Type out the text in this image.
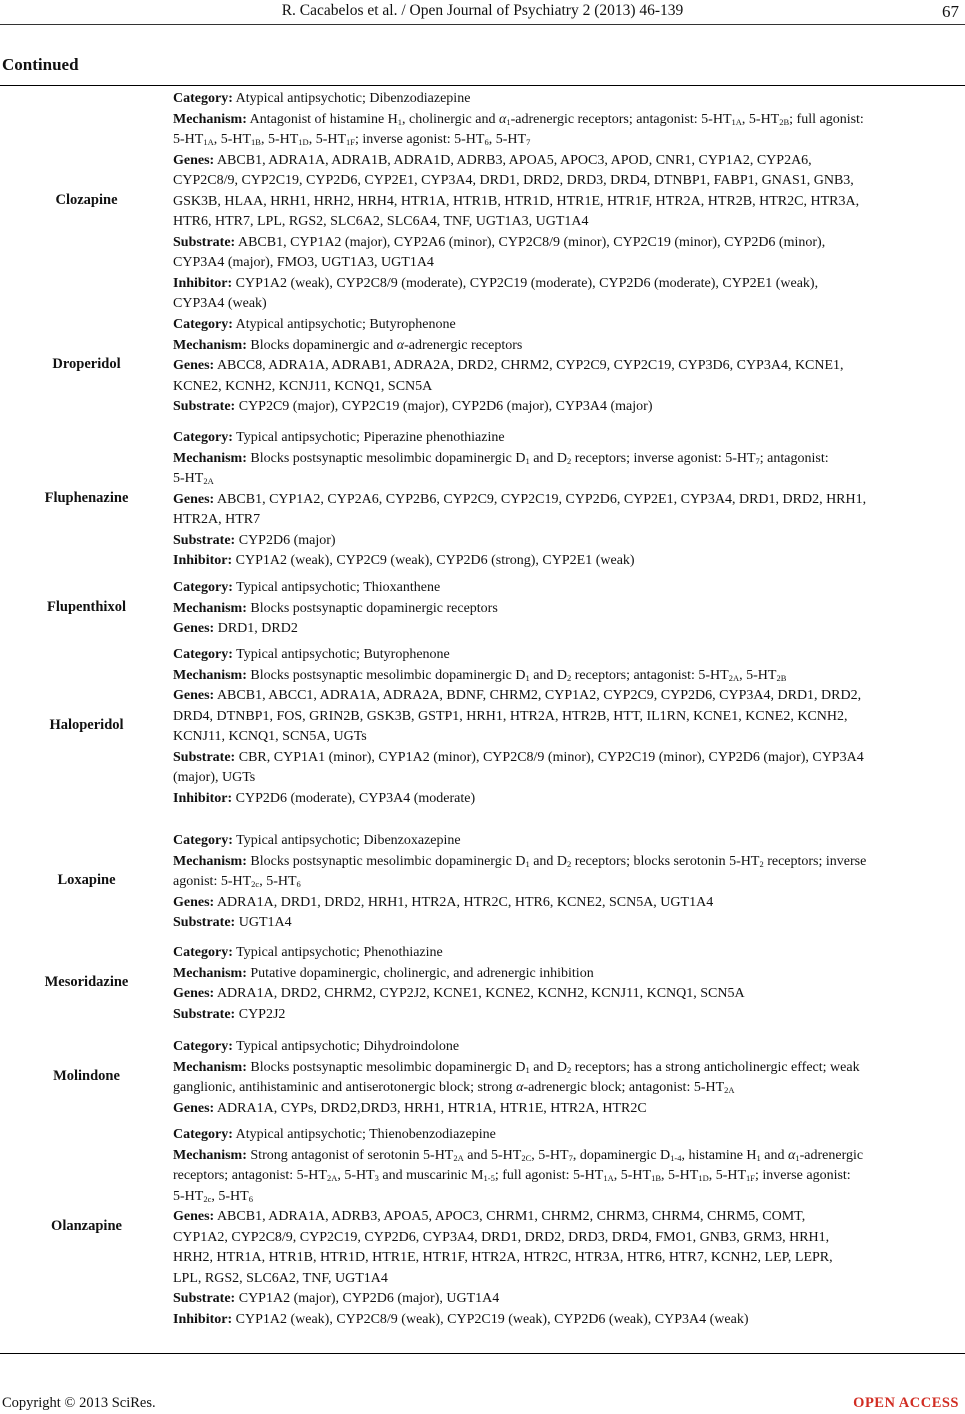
R. Cacabelos et al. / Open Journal of Psychiatry 2 (2013) 46-139	67
Continued
Clozapine
Category: Atypical antipsychotic; Dibenzodiazepine
Mechanism: Antagonist of histamine $H_1$, cholinergic and $\alpha_1$-adrenergic receptors; antagonist: $5-HT_{1A}$, $5-HT_{2B}$; full agonist:
$5-HT_{1A}$, $5-HT_{1B}$, $5-HT_{1D}$, $5-HT_{1F}$; inverse agonist: $5-HT_6$, $5-HT_7$
Genes: ABCB1, ADRA1A, ADRA1B, ADRA1D, ADRB3, APOA5, APOC3, APOD, CNR1, CYP1A2, CYP2A6,
CYP2C8/9, CYP2C19, CYP2D6, CYP2E1, CYP3A4, DRD1, DRD2, DRD3, DRD4, DTNBP1, FABP1, GNAS1, GNB3,
GSK3B, HLAA, HRH1, HRH2, HRH4, HTR1A, HTR1B, HTR1D, HTR1E, HTR1F, HTR2A, HTR2B, HTR2C, HTR3A,
HTR6, HTR7, LPL, RGS2, SLC6A2, SLC6A4, TNF, UGT1A3, UGT1A4
Substrate: ABCB1, CYP1A2 (major), CYP2A6 (minor), CYP2C8/9 (minor), CYP2C19 (minor), CYP2D6 (minor),
CYP3A4 (major), FMO3, UGT1A3, UGT1A4
Inhibitor: CYP1A2 (weak), CYP2C8/9 (moderate), CYP2C19 (moderate), CYP2D6 (moderate), CYP2E1 (weak),
CYP3A4 (weak)
Droperidol
Category: Atypical antipsychotic; Butyrophenone
Mechanism: Blocks dopaminergic and α-adrenergic receptors
Genes: ABCC8, ADRA1A, ADRAB1, ADRA2A, DRD2, CHRM2, CYP2C9, CYP2C19, CYP3D6, CYP3A4, KCNE1,
KCNE2, KCNH2, KCNJ11, KCNQ1, SCN5A
Substrate: CYP2C9 (major), CYP2C19 (major), CYP2D6 (major), CYP3A4 (major)
Fluphenazine
Category: Typical antipsychotic; Piperazine phenothiazine
Mechanism: Blocks postsynaptic mesolimbic dopaminergic $D_1$ and $D_2$ receptors; inverse agonist: $5-HT_7$; antagonist:
$5-HT_{2A}$
Genes: ABCB1, CYP1A2, CYP2A6, CYP2B6, CYP2C9, CYP2C19, CYP2D6, CYP2E1, CYP3A4, DRD1, DRD2, HRH1,
HTR2A, HTR7
Substrate: CYP2D6 (major)
Inhibitor: CYP1A2 (weak), CYP2C9 (weak), CYP2D6 (strong), CYP2E1 (weak)
Flupenthixol
Category: Typical antipsychotic; Thioxanthene
Mechanism: Blocks postsynaptic dopaminergic receptors
Genes: DRD1, DRD2
Haloperidol
Category: Typical antipsychotic; Butyrophenone
Mechanism: Blocks postsynaptic mesolimbic dopaminergic $D_1$ and $D_2$ receptors; antagonist: $5-HT_{2A}$, $5-HT_{2B}$
Genes: ABCB1, ABCC1, ADRA1A, ADRA2A, BDNF, CHRM2, CYP1A2, CYP2C9, CYP2D6, CYP3A4, DRD1, DRD2,
DRD4, DTNBP1, FOS, GRIN2B, GSK3B, GSTP1, HRH1, HTR2A, HTR2B, HTT, IL1RN, KCNE1, KCNE2, KCNH2,
KCNJ11, KCNQ1, SCN5A, UGTs
Substrate: CBR, CYP1A1 (minor), CYP1A2 (minor), CYP2C8/9 (minor), CYP2C19 (minor), CYP2D6 (major), CYP3A4
(major), UGTs
Inhibitor: CYP2D6 (moderate), CYP3A4 (moderate)
Loxapine
Category: Typical antipsychotic; Dibenzoxazepine
Mechanism: Blocks postsynaptic mesolimbic dopaminergic $D_1$ and $D_2$ receptors; blocks serotonin $5-HT_2$ receptors; inverse
agonist: $5-HT_{2c}$, $5-HT_6$
Genes: ADRA1A, DRD1, DRD2, HRH1, HTR2A, HTR2C, HTR6, KCNE2, SCN5A, UGT1A4
Substrate: UGT1A4
Mesoridazine
Category: Typical antipsychotic; Phenothiazine
Mechanism: Putative dopaminergic, cholinergic, and adrenergic inhibition
Genes: ADRA1A, DRD2, CHRM2, CYP2J2, KCNE1, KCNE2, KCNH2, KCNJ11, KCNQ1, SCN5A
Substrate: CYP2J2
Molindone
Category: Typical antipsychotic; Dihydroindolone
Mechanism: Blocks postsynaptic mesolimbic dopaminergic $D_1$ and $D_2$ receptors; has a strong anticholinergic effect; weak
ganglionic, antihistaminic and antiserotonergic block; strong α-adrenergic block; antagonist: $5-HT_{2A}$
Genes: ADRA1A, CYPs, DRD2,DRD3, HRH1, HTR1A, HTR1E, HTR2A, HTR2C
Olanzapine
Category: Atypical antipsychotic; Thienobenzodiazepine
Mechanism: Strong antagonist of serotonin $5-HT_{2A}$ and $5-HT_{2C}$, $5-HT_7$, dopaminergic $D_{1-4}$, histamine $H_1$ and $\alpha_1$-adrenergic
receptors; antagonist: $5-HT_{2A}$, $5-HT_3$ and muscarinic $M_{1-5}$; full agonist: $5-HT_{1A}$, $5-HT_{1B}$, $5-HT_{1D}$, $5-HT_{1F}$; inverse agonist:
$5-HT_{2c}$, $5-HT_6$
Genes: ABCB1, ADRA1A, ADRB3, APOA5, APOC3, CHRM1, CHRM2, CHRM3, CHRM4, CHRM5, COMT,
CYP1A2, CYP2C8/9, CYP2C19, CYP2D6, CYP3A4, DRD1, DRD2, DRD3, DRD4, FMO1, GNB3, GRM3, HRH1,
HRH2, HTR1A, HTR1B, HTR1D, HTR1E, HTR1F, HTR2A, HTR2C, HTR3A, HTR6, HTR7, KCNH2, LEP, LEPR,
LPL, RGS2, SLC6A2, TNF, UGT1A4
Substrate: CYP1A2 (major), CYP2D6 (major), UGT1A4
Inhibitor: CYP1A2 (weak), CYP2C8/9 (weak), CYP2C19 (weak), CYP2D6 (weak), CYP3A4 (weak)
Copyright © 2013 SciRes.	OPEN ACCESS
